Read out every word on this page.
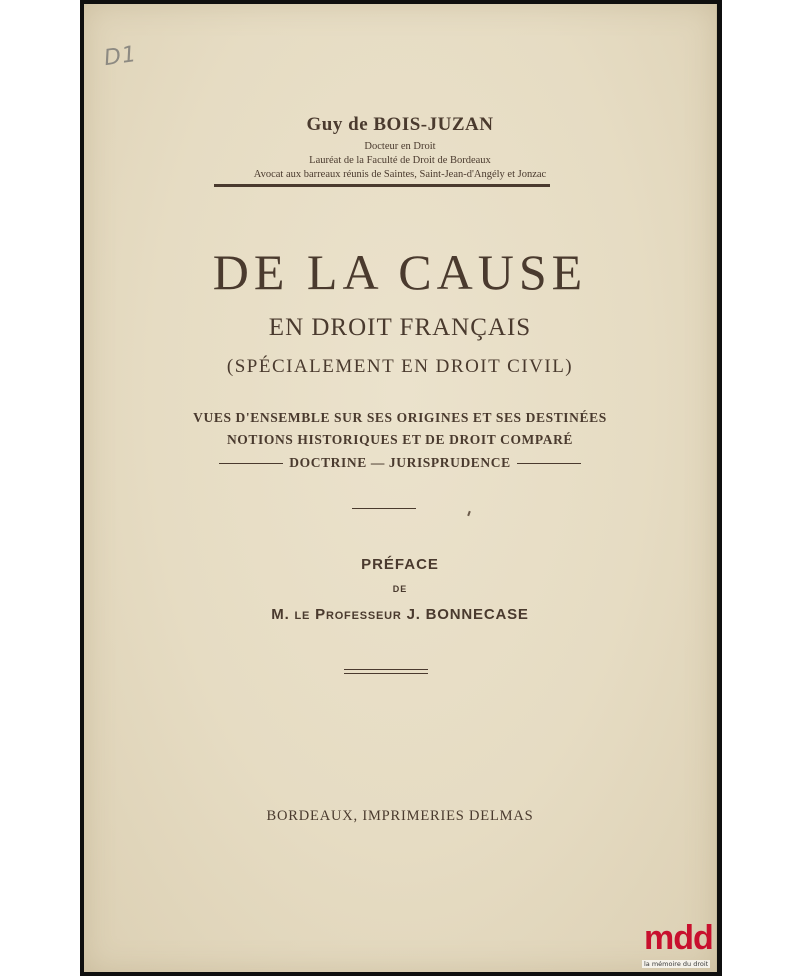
D1
Guy de BOIS-JUZAN
Docteur en Droit
Lauréat de la Faculté de Droit de Bordeaux
Avocat aux barreaux réunis de Saintes, Saint-Jean-d'Angély et Jonzac
DE LA CAUSE
EN DROIT FRANÇAIS
(SPÉCIALEMENT EN DROIT CIVIL)
VUES D'ENSEMBLE SUR SES ORIGINES ET SES DESTINÉES
NOTIONS HISTORIQUES ET DE DROIT COMPARÉ
DOCTRINE — JURISPRUDENCE
PRÉFACE
DE
M. le Professeur J. BONNECASE
BORDEAUX, IMPRIMERIES DELMAS
mdd
la mémoire du droit
